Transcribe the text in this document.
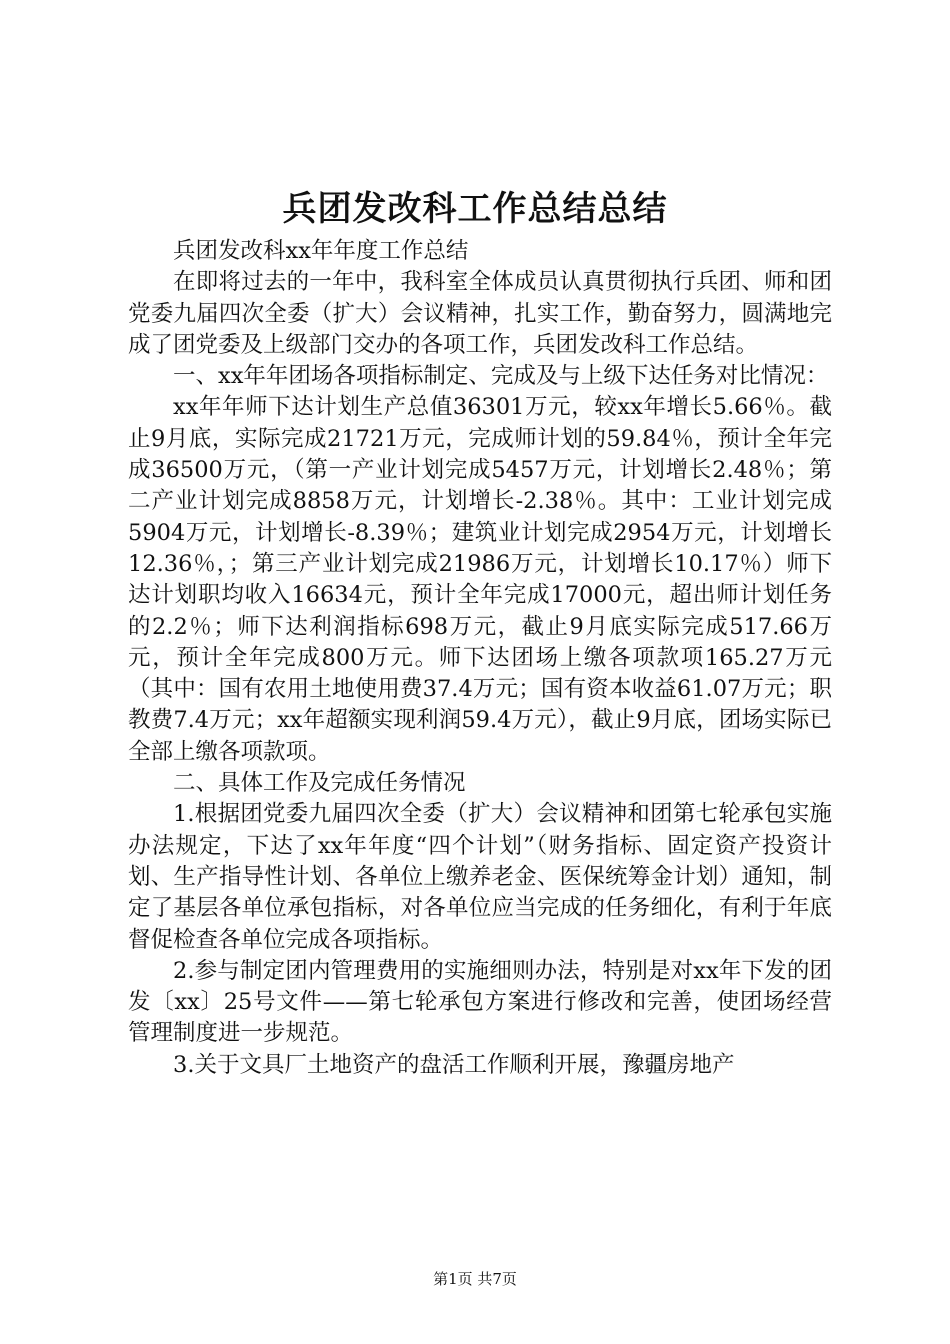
兵团发改科工作总结总结

兵团发改科xx年年度工作总结

在即将过去的一年中，我科室全体成员认真贯彻执行兵团、师和团党委九届四次全委（扩大）会议精神，扎实工作，勤奋努力，圆满地完成了团党委及上级部门交办的各项工作，兵团发改科工作总结。

一、xx年年团场各项指标制定、完成及与上级下达任务对比情况：

xx年年师下达计划生产总值36301万元，较xx年增长5.66％。截止9月底，实际完成21721万元，完成师计划的59.84％，预计全年完成36500万元，（第一产业计划完成5457万元，计划增长2.48％；第二产业计划完成8858万元，计划增长-2.38％。其中：工业计划完成5904万元，计划增长-8.39％；建筑业计划完成2954万元，计划增长12.36％，；第三产业计划完成21986万元，计划增长10.17％）师下达计划职均收入16634元，预计全年完成17000元，超出师计划任务的2.2％；师下达利润指标698万元，截止9月底实际完成517.66万元，预计全年完成800万元。师下达团场上缴各项款项165.27万元（其中：国有农用土地使用费37.4万元；国有资本收益61.07万元；职教费7.4万元；xx年超额实现利润59.4万元），截止9月底，团场实际已全部上缴各项款项。

二、具体工作及完成任务情况

1.根据团党委九届四次全委（扩大）会议精神和团第七轮承包实施办法规定，下达了xx年年度“四个计划”（财务指标、固定资产投资计划、生产指导性计划、各单位上缴养老金、医保统筹金计划）通知，制定了基层各单位承包指标，对各单位应当完成的任务细化，有利于年底督促检查各单位完成各项指标。

2.参与制定团内管理费用的实施细则办法，特别是对xx年下发的团发〔xx〕25号文件——第七轮承包方案进行修改和完善，使团场经营管理制度进一步规范。

3.关于文具厂土地资产的盘活工作顺利开展，豫疆房地产

第1页 共7页
